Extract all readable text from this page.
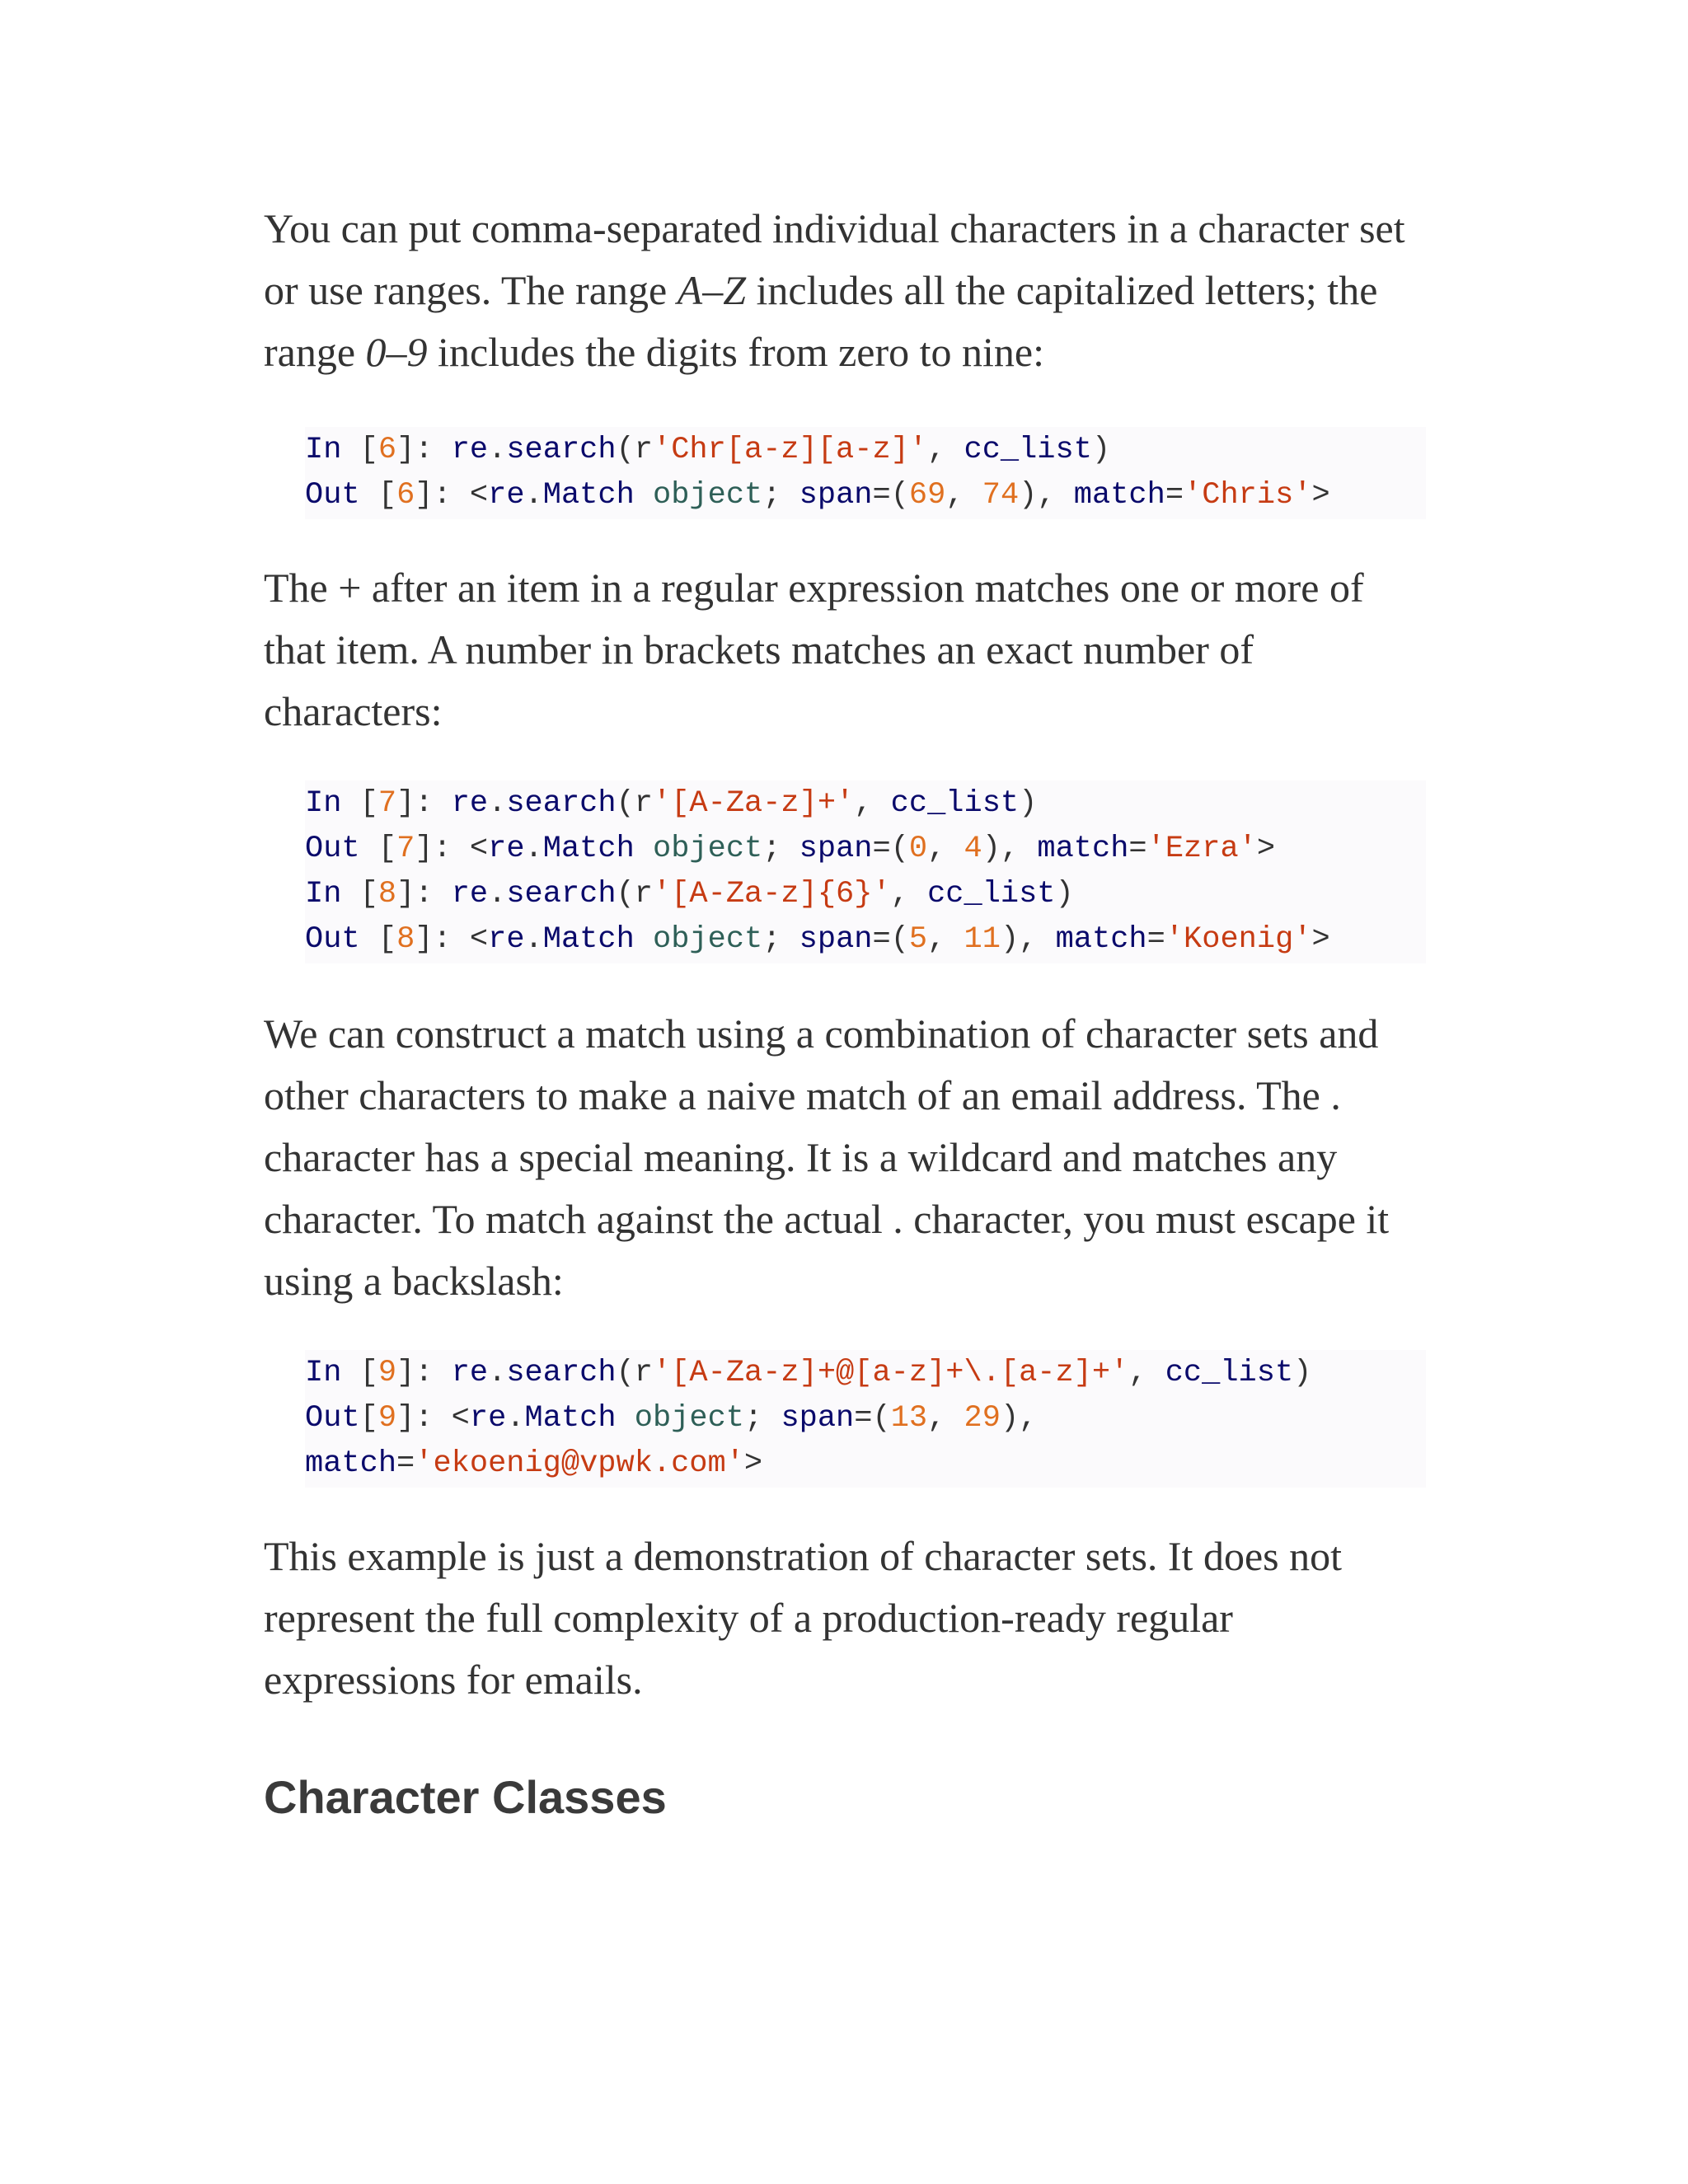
You can put comma-separated individual characters in a character set or use ranges. The range A–Z includes all the capitalized letters; the range 0–9 includes the digits from zero to nine:

In [6]: re.search(r'Chr[a-z][a-z]', cc_list)
Out [6]: <re.Match object; span=(69, 74), match='Chris'>

The + after an item in a regular expression matches one or more of that item. A number in brackets matches an exact number of characters:

In [7]: re.search(r'[A-Za-z]+', cc_list)
Out [7]: <re.Match object; span=(0, 4), match='Ezra'>
In [8]: re.search(r'[A-Za-z]{6}', cc_list)
Out [8]: <re.Match object; span=(5, 11), match='Koenig'>

We can construct a match using a combination of character sets and other characters to make a naive match of an email address. The . character has a special meaning. It is a wildcard and matches any character. To match against the actual . character, you must escape it using a backslash:

In [9]: re.search(r'[A-Za-z]+@[a-z]+\.[a-z]+', cc_list)
Out[9]: <re.Match object; span=(13, 29),
match='ekoenig@vpwk.com'>

This example is just a demonstration of character sets. It does not represent the full complexity of a production-ready regular expressions for emails.

Character Classes
